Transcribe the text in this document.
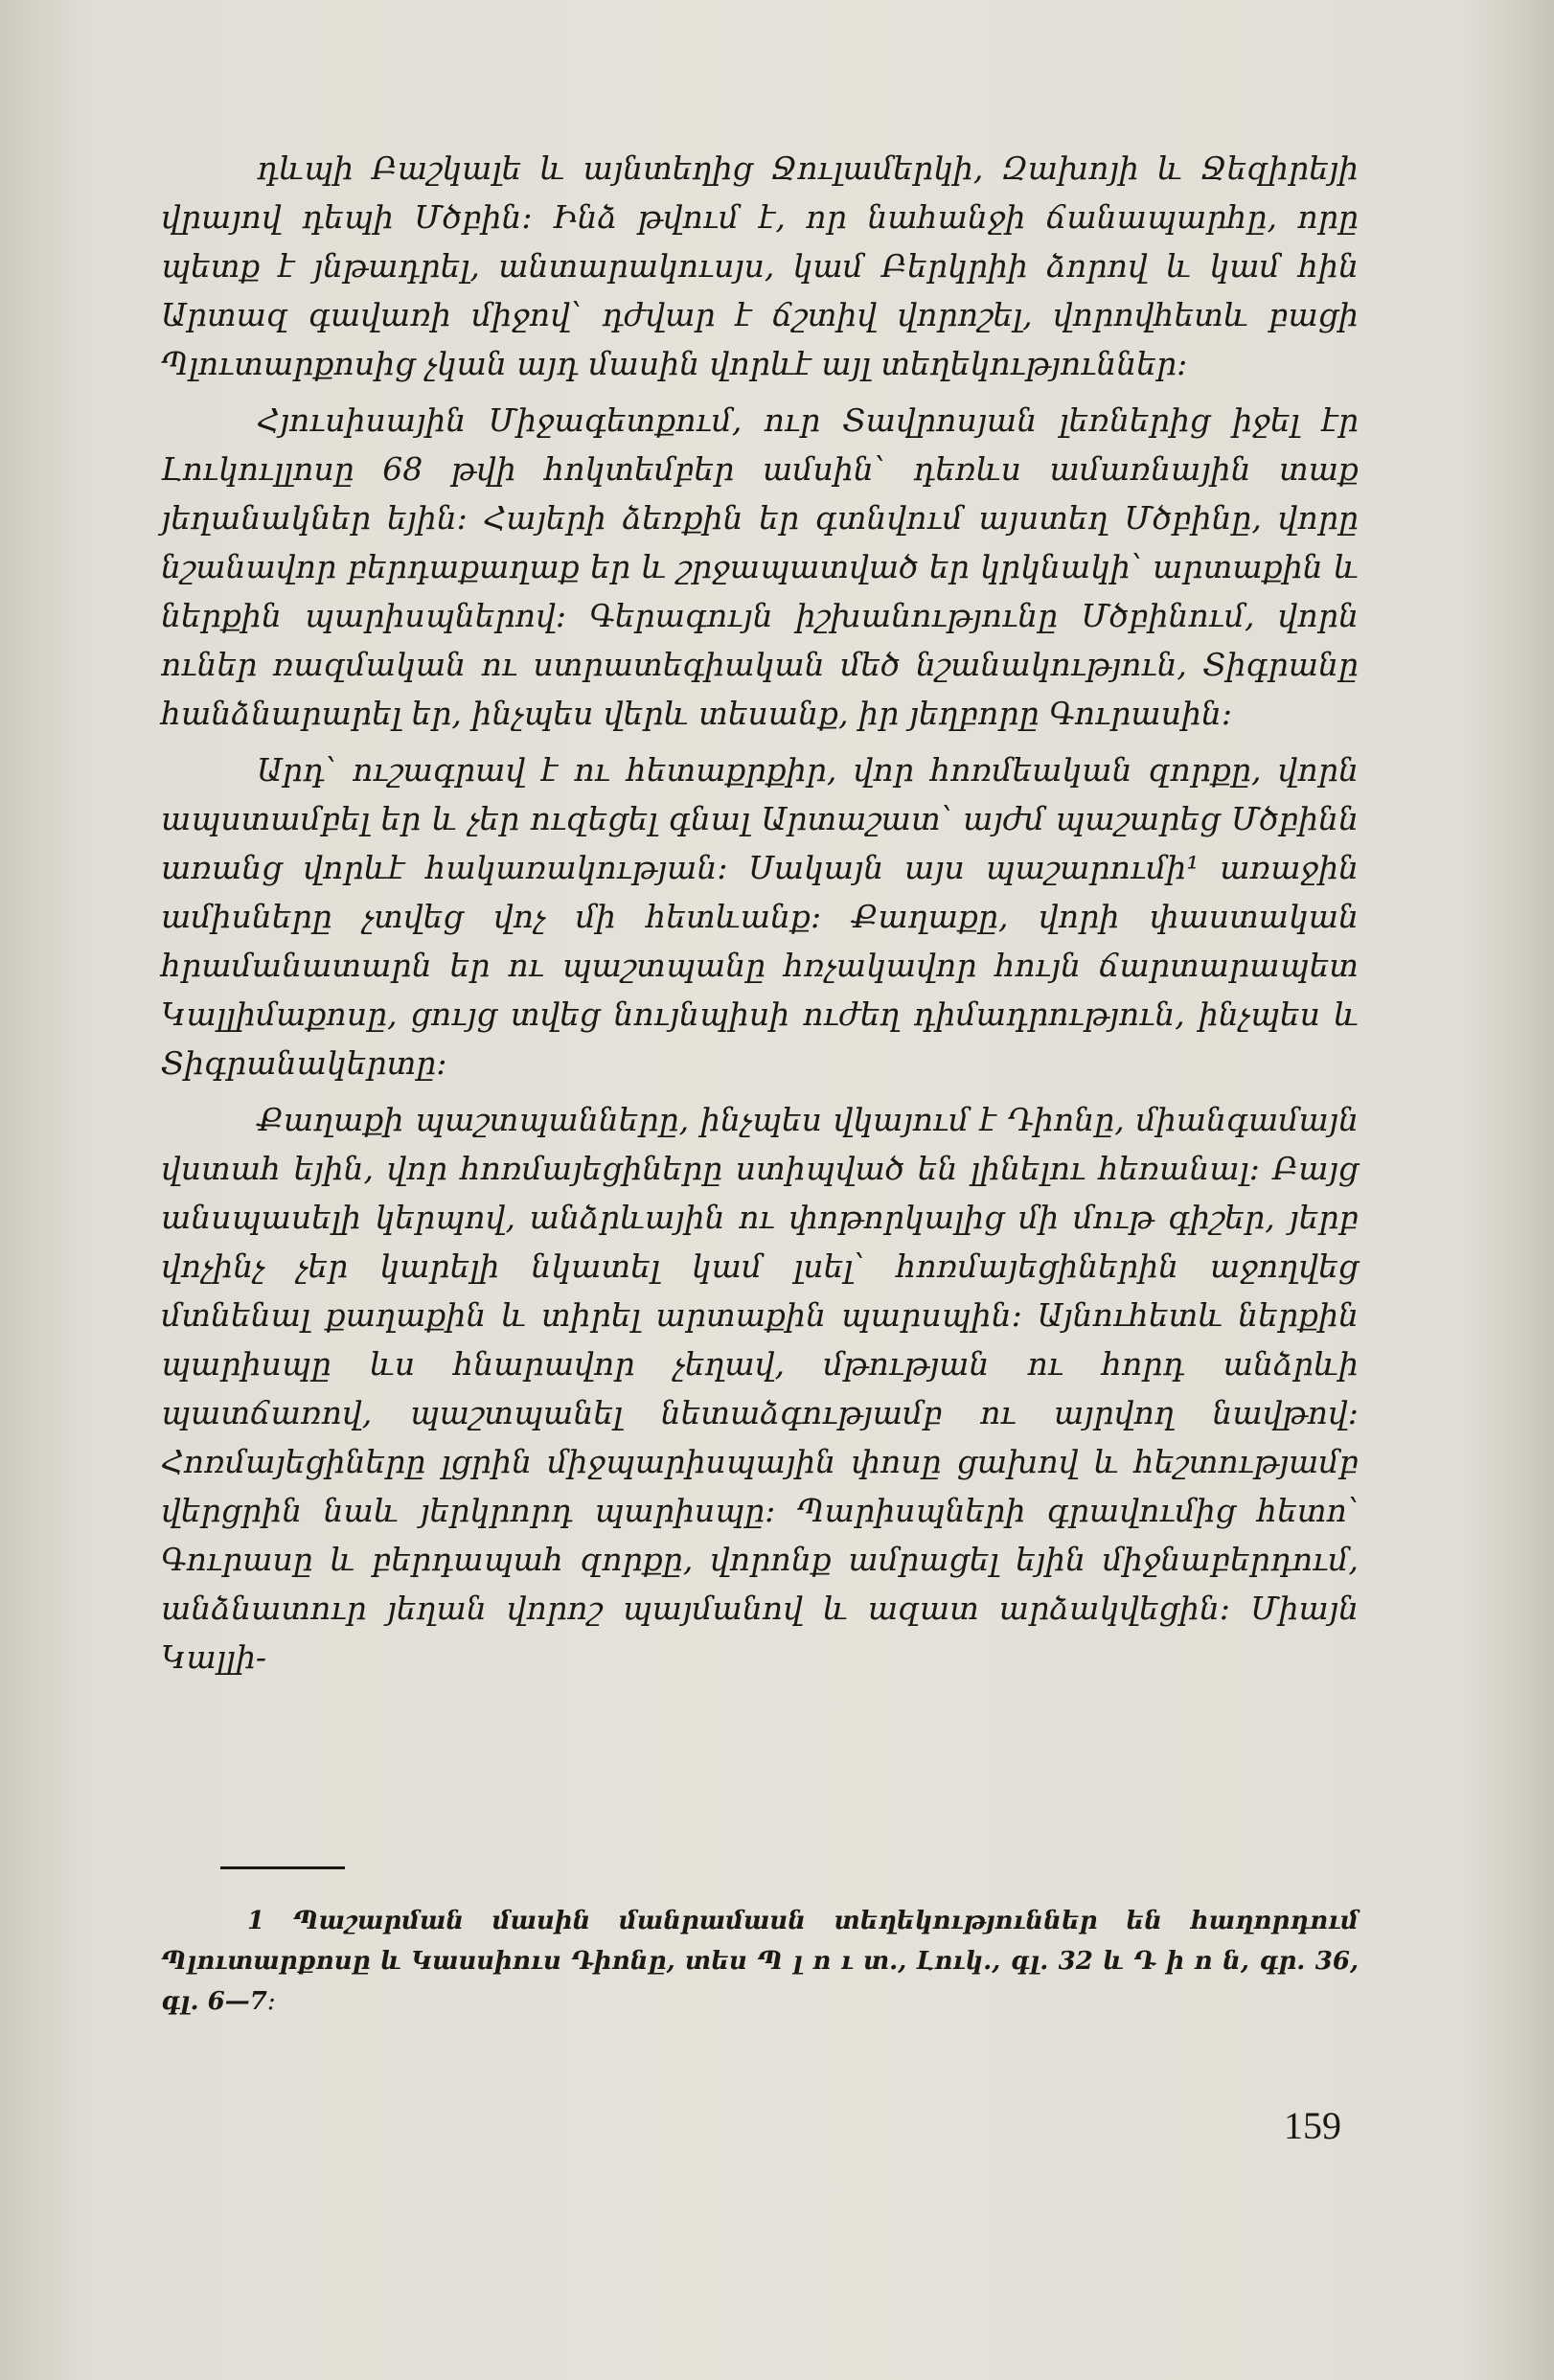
դևպի Բաշկալե և այնտեղից Ջուլամերկի, Զախոյի և Ջեզիրեյի վրայով դեպի Մծբին։ Ինձ թվում է, որ նահանջի ճանապարհը, որը պետք է յնթադրել, անտարակուսյս, կամ Բերկրիի ձորով և կամ հին Արտազ գավառի միջով՝ դժվար է ճշտիվ վորոշել, վորովհետև բացի Պլուտարքոսից չկան այդ մասին վորևէ այլ տեղեկություններ։

Հյուսիսային Միջագետքում, ուր Տավրոսյան լեռներից իջել էր Լուկուլլոսը 68 թվի հոկտեմբեր ամսին՝ դեռևս ամառնային տաք յեղանակներ եյին։ Հայերի ձեռքին եր գտնվում այստեղ Մծբինը, վորը նշանավոր բերդաքաղաք եր և շրջապատված եր կրկնակի՝ արտաքին և ներքին պարիսպներով։ Գերագույն իշխանությունը Մծբինում, վորն ուներ ռազմական ու ստրատեգիական մեծ նշանակություն, Տիգրանը հանձնարարել եր, ինչպես վերև տեսանք, իր յեղբորը Գուրասին։

Արդ՝ ուշագրավ է ու հետաքրքիր, վոր հոռմեական զորքը, վորն ապստամբել եր և չեր ուզեցել գնալ Արտաշատ՝ այժմ պաշարեց Մծբինն առանց վորևէ հակառակության։ Սակայն այս պաշարումի¹ առաջին ամիսները չտվեց վոչ մի հետևանք։ Քաղաքը, վորի փաստական հրամանատարն եր ու պաշտպանը հռչակավոր հույն ճարտարապետ Կալլիմաքոսը, ցույց տվեց նույնպիսի ուժեղ դիմադրություն, ինչպես և Տիգրանակերտը։

Քաղաքի պաշտպանները, ինչպես վկայում է Դիոնը, միանգամայն վստահ եյին, վոր հոռմայեցիները ստիպված են լինելու հեռանալ։ Բայց անսպասելի կերպով, անձրևային ու փոթորկալից մի մութ գիշեր, յերբ վոչինչ չեր կարելի նկատել կամ լսել՝ հոռմայեցիներին աջողվեց մտնենալ քաղաքին և տիրել արտաքին պարսպին։ Այնուհետև ներքին պարիսպը ևս հնարավոր չեղավ, մթության ու հորդ անձրևի պատճառով, պաշտպանել նետաձգությամբ ու այրվող նավթով։ Հոռմայեցիները լցրին միջպարիսպային փոսը ցախով և հեշտությամբ վերցրին նաև յերկրորդ պարիսպը։ Պարիսպների գրավումից հետո՝ Գուրասը և բերդապահ զորքը, վորոնք ամրացել եյին միջնաբերդում, անձնատուր յեղան վորոշ պայմանով և ազատ արձակվեցին։ Միայն Կալլի-

1 Պաշարման մասին մանրամասն տեղեկություններ են հաղորդում Պլուտարքոսը և Կասսիուս Դիոնը, տես Պ լ ո ւ տ., Լուկ., գլ. 32 և Դ ի ո ն, գր. 36, գլ. 6—7։

159
